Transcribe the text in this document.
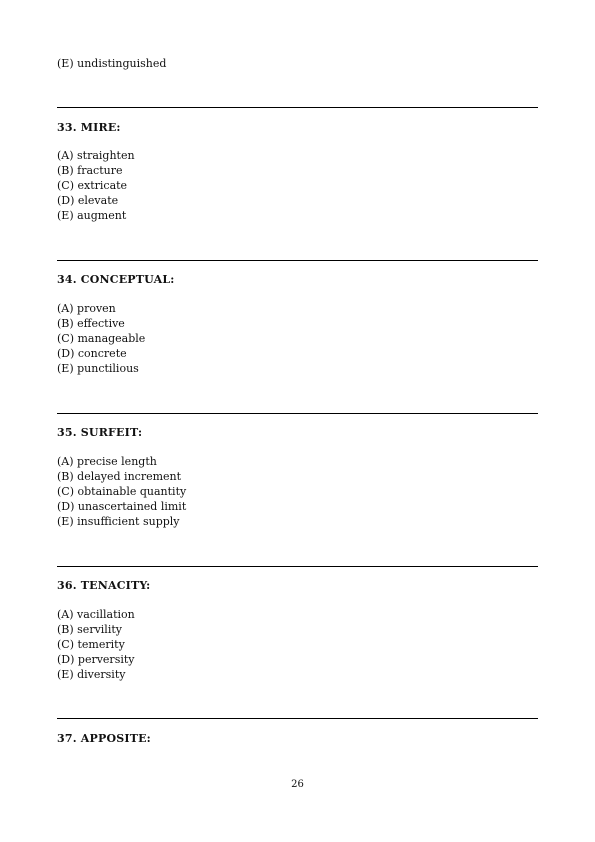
(E) undistinguished
33. MIRE:
(A) straighten
(B) fracture
(C) extricate
(D) elevate
(E) augment
34. CONCEPTUAL:
(A) proven
(B) effective
(C) manageable
(D) concrete
(E) punctilious
35. SURFEIT:
(A) precise length
(B) delayed increment
(C) obtainable quantity
(D) unascertained limit
(E) insufficient supply
36. TENACITY:
(A) vacillation
(B) servility
(C) temerity
(D) perversity
(E) diversity
37. APPOSITE:
26
